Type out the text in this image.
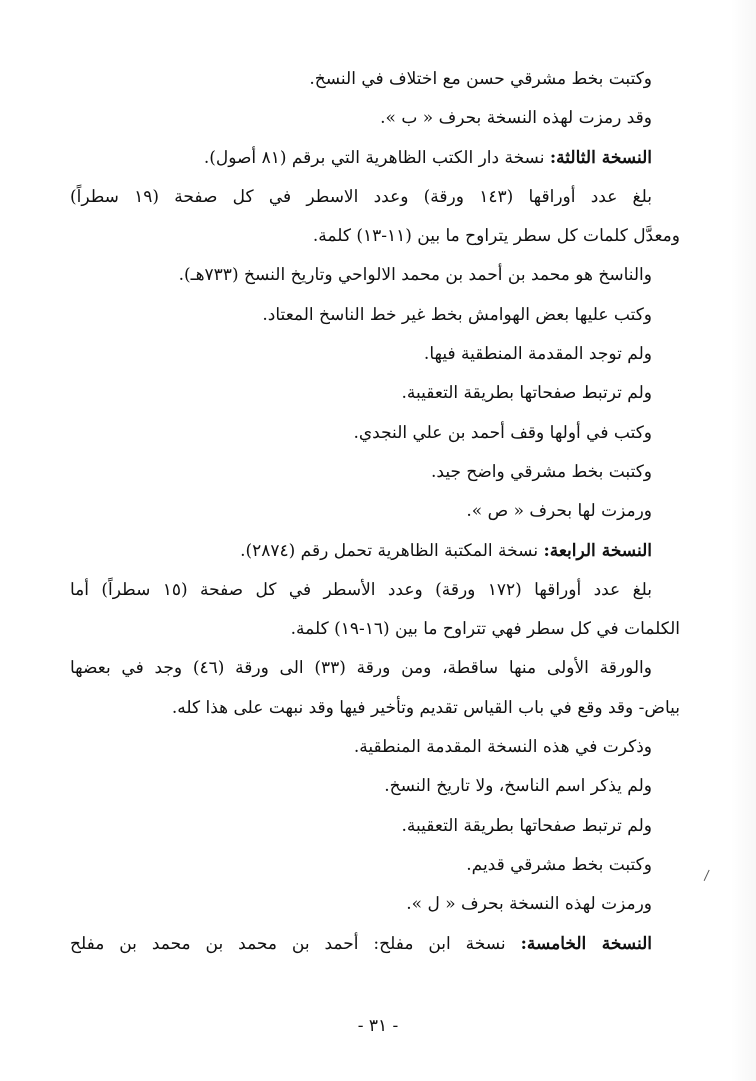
وكتبت بخط مشرقي حسن مع اختلاف في النسخ.
وقد رمزت لهذه النسخة بحرف « ب ».
النسخة الثالثة: نسخة دار الكتب الظاهرية التي برقم (٨١ أصول).
بلغ عدد أوراقها (١٤٣ ورقة) وعدد الاسطر في كل صفحة (١٩ سطراً)
ومعدَّل كلمات كل سطر يتراوح ما بين (١١-١٣) كلمة.
والناسخ هو محمد بن أحمد بن محمد الالواحي وتاريخ النسخ (٧٣٣هـ).
وكتب عليها بعض الهوامش بخط غير خط الناسخ المعتاد.
ولم توجد المقدمة المنطقية فيها.
ولم ترتبط صفحاتها بطريقة التعقيبة.
وكتب في أولها وقف أحمد بن علي النجدي.
وكتبت بخط مشرقي واضح جيد.
ورمزت لها بحرف « ص ».
النسخة الرابعة: نسخة المكتبة الظاهرية تحمل رقم (٢٨٧٤).
بلغ عدد أوراقها (١٧٢ ورقة) وعدد الأسطر في كل صفحة (١٥ سطراً) أما
الكلمات في كل سطر فهي تتراوح ما بين (١٦-١٩) كلمة.
والورقة الأولى منها ساقطة، ومن ورقة (٣٣) الى ورقة (٤٦) وجد في بعضها
بياض- وقد وقع في باب القياس تقديم وتأخير فيها وقد نبهت على هذا كله.
وذكرت في هذه النسخة المقدمة المنطقية.
ولم يذكر اسم الناسخ، ولا تاريخ النسخ.
ولم ترتبط صفحاتها بطريقة التعقيبة.
وكتبت بخط مشرقي قديم.
ورمزت لهذه النسخة بحرف « ل ».
النسخة الخامسة: نسخة ابن مفلح: أحمد بن محمد بن محمد بن مفلح
- ٣١ -
